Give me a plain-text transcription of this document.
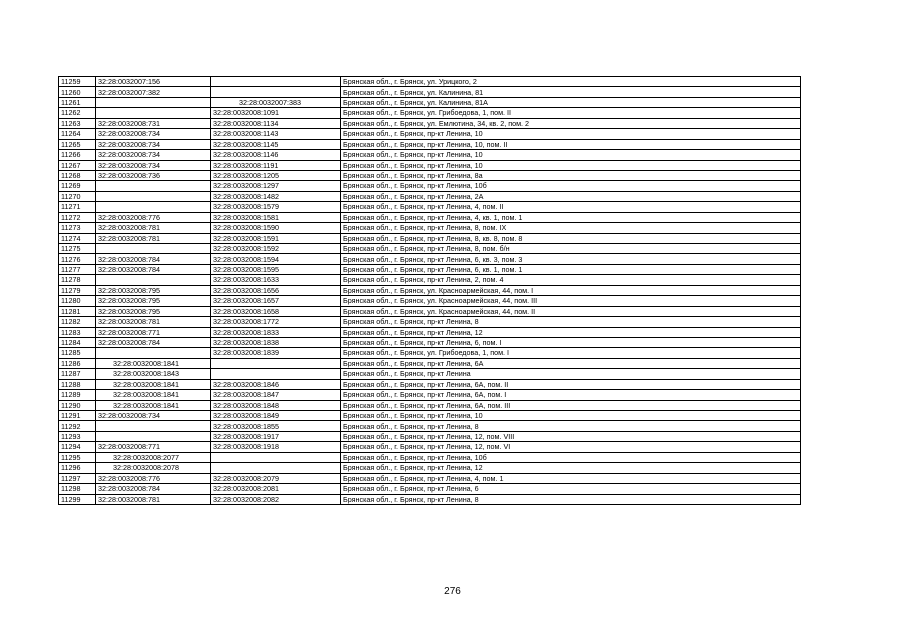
11259	32:28:0032007:156		Брянская обл., г. Брянск, ул. Урицкого, 2
11260	32:28:0032007:382		Брянская обл., г. Брянск, ул. Калинина, 81
11261		32:28:0032007:383	Брянская обл., г. Брянск, ул. Калинина, 81А
11262		32:28:0032008:1091	Брянская обл., г. Брянск, ул. Грибоедова, 1, пом. II
11263	32:28:0032008:731	32:28:0032008:1134	Брянская обл., г. Брянск, ул. Емлютина, 34, кв. 2, пом. 2
11264	32:28:0032008:734	32:28:0032008:1143	Брянская обл., г. Брянск, пр-кт Ленина, 10
11265	32:28:0032008:734	32:28:0032008:1145	Брянская обл., г. Брянск, пр-кт Ленина, 10, пом. II
11266	32:28:0032008:734	32:28:0032008:1146	Брянская обл., г. Брянск, пр-кт Ленина, 10
11267	32:28:0032008:734	32:28:0032008:1191	Брянская обл., г. Брянск, пр-кт Ленина, 10
11268	32:28:0032008:736	32:28:0032008:1205	Брянская обл., г. Брянск, пр-кт Ленина, 8а
11269		32:28:0032008:1297	Брянская обл., г. Брянск, пр-кт Ленина, 10б
11270		32:28:0032008:1482	Брянская обл., г. Брянск, пр-кт Ленина, 2А
11271		32:28:0032008:1579	Брянская обл., г. Брянск, пр-кт Ленина, 4, пом. II
11272	32:28:0032008:776	32:28:0032008:1581	Брянская обл., г. Брянск, пр-кт Ленина, 4, кв. 1, пом. 1
11273	32:28:0032008:781	32:28:0032008:1590	Брянская обл., г. Брянск, пр-кт Ленина, 8, пом. IX
11274	32:28:0032008:781	32:28:0032008:1591	Брянская обл., г. Брянск, пр-кт Ленина, 8, кв. 8, пом. 8
11275		32:28:0032008:1592	Брянская обл., г. Брянск, пр-кт Ленина, 8, пом. б/н
11276	32:28:0032008:784	32:28:0032008:1594	Брянская обл., г. Брянск, пр-кт Ленина, 6, кв. 3, пом. 3
11277	32:28:0032008:784	32:28:0032008:1595	Брянская обл., г. Брянск, пр-кт Ленина, 6, кв. 1, пом. 1
11278		32:28:0032008:1633	Брянская обл., г. Брянск, пр-кт Ленина, 2, пом. 4
11279	32:28:0032008:795	32:28:0032008:1656	Брянская обл., г. Брянск, ул. Красноармейская, 44, пом. I
11280	32:28:0032008:795	32:28:0032008:1657	Брянская обл., г. Брянск, ул. Красноармейская, 44, пом. III
11281	32:28:0032008:795	32:28:0032008:1658	Брянская обл., г. Брянск, ул. Красноармейская, 44, пом. II
11282	32:28:0032008:781	32:28:0032008:1772	Брянская обл., г. Брянск, пр-кт Ленина, 8
11283	32:28:0032008:771	32:28:0032008:1833	Брянская обл., г. Брянск, пр-кт Ленина, 12
11284	32:28:0032008:784	32:28:0032008:1838	Брянская обл., г. Брянск, пр-кт Ленина, 6, пом. I
11285		32:28:0032008:1839	Брянская обл., г. Брянск, ул. Грибоедова, 1, пом. I
11286	32:28:0032008:1841		Брянская обл., г. Брянск, пр-кт Ленина, 6А
11287	32:28:0032008:1843		Брянская обл., г. Брянск, пр-кт Ленина
11288	32:28:0032008:1841	32:28:0032008:1846	Брянская обл., г. Брянск, пр-кт Ленина, 6А, пом. II
11289	32:28:0032008:1841	32:28:0032008:1847	Брянская обл., г. Брянск, пр-кт Ленина, 6А, пом. I
11290	32:28:0032008:1841	32:28:0032008:1848	Брянская обл., г. Брянск, пр-кт Ленина, 6А, пом. III
11291	32:28:0032008:734	32:28:0032008:1849	Брянская обл., г. Брянск, пр-кт Ленина, 10
11292		32:28:0032008:1855	Брянская обл., г. Брянск, пр-кт Ленина, 8
11293		32:28:0032008:1917	Брянская обл., г. Брянск, пр-кт Ленина, 12, пом. VIII
11294	32:28:0032008:771	32:28:0032008:1918	Брянская обл., г. Брянск, пр-кт Ленина, 12, пом. VI
11295	32:28:0032008:2077		Брянская обл., г. Брянск, пр-кт Ленина, 10б
11296	32:28:0032008:2078		Брянская обл., г. Брянск, пр-кт Ленина, 12
11297	32:28:0032008:776	32:28:0032008:2079	Брянская обл., г. Брянск, пр-кт Ленина, 4, пом. 1
11298	32:28:0032008:784	32:28:0032008:2081	Брянская обл., г. Брянск, пр-кт Ленина, 6
11299	32:28:0032008:781	32:28:0032008:2082	Брянская обл., г. Брянск, пр-кт Ленина, 8
276
